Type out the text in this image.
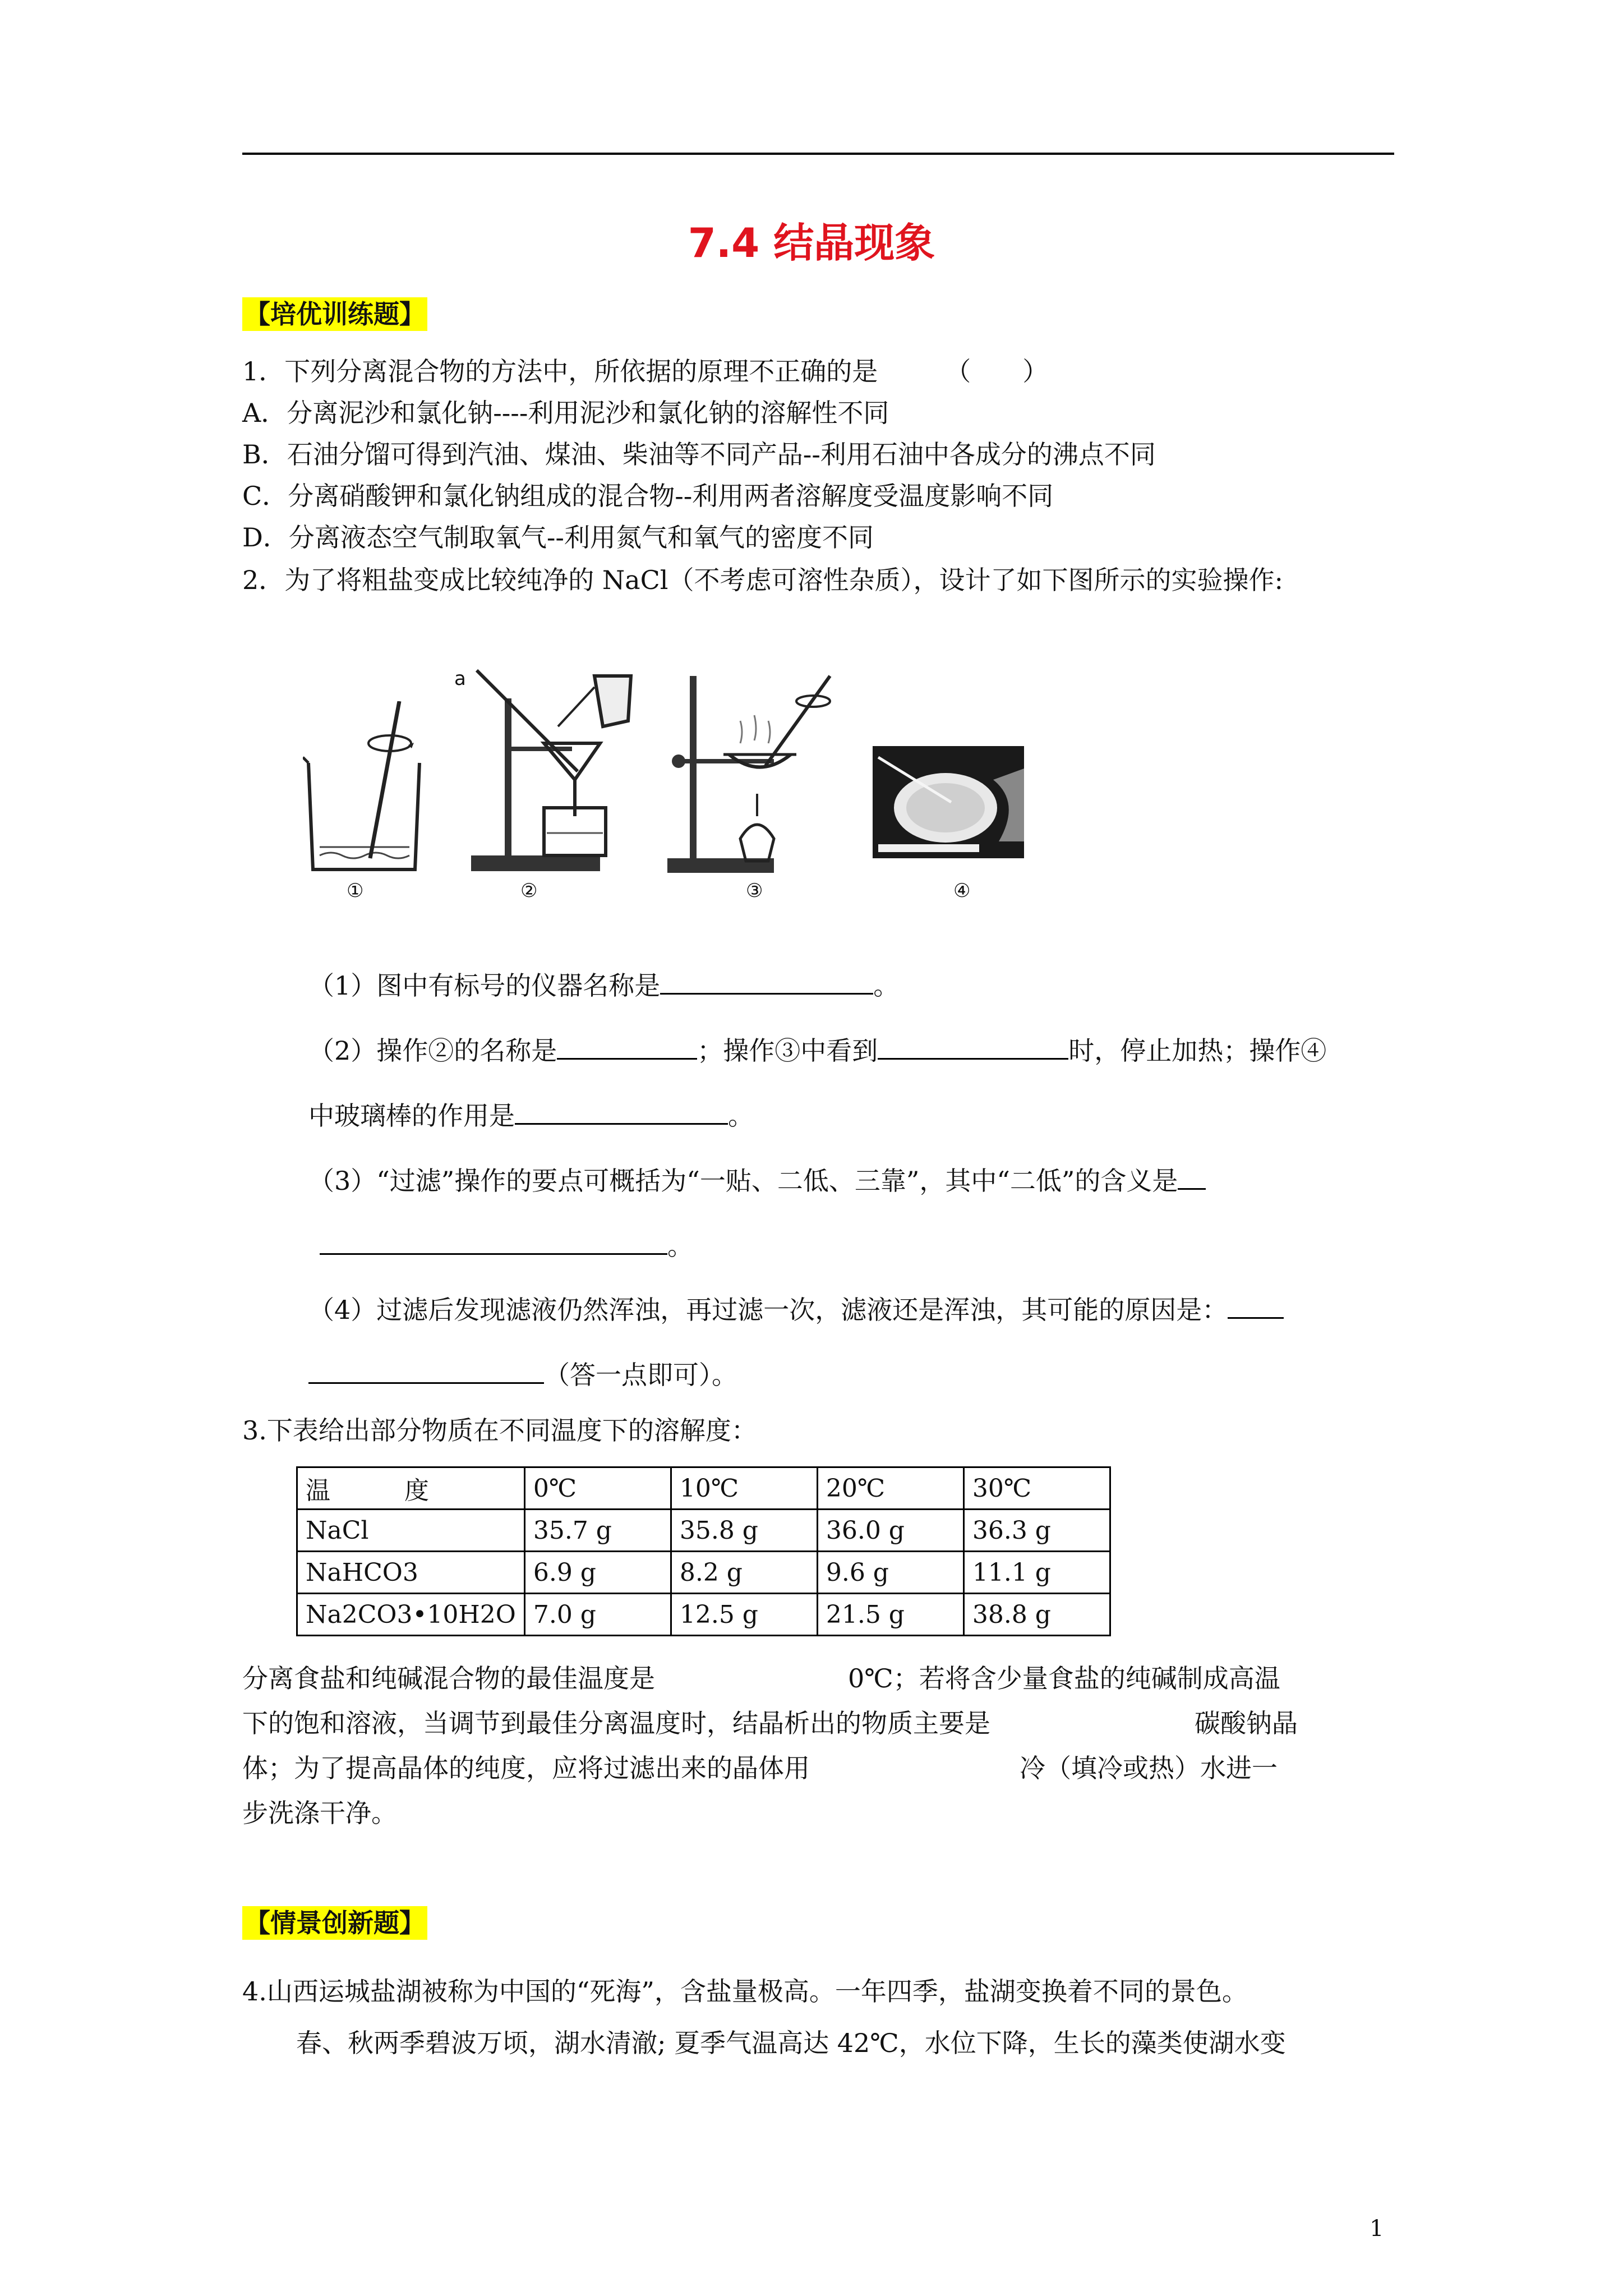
7.4 结晶现象
【培优训练题】
1．下列分离混合物的方法中，所依据的原理不正确的是	（　　）
A．分离泥沙和氯化钠----利用泥沙和氯化钠的溶解性不同
B．石油分馏可得到汽油、煤油、柴油等不同产品--利用石油中各成分的沸点不同
C．分离硝酸钾和氯化钠组成的混合物--利用两者溶解度受温度影响不同
D．分离液态空气制取氧气--利用氮气和氧气的密度不同
2．为了将粗盐变成比较纯净的 NaCl（不考虑可溶性杂质），设计了如下图所示的实验操作:
a
①	②	③	④
（1）图中有标号的仪器名称是	。
（2）操作②的名称是	；操作③中看到	时，停止加热；操作④
中玻璃棒的作用是	。
（3）“过滤”操作的要点可概括为“一贴、二低、三靠”，其中“二低”的含义是
。
（4）过滤后发现滤液仍然浑浊，再过滤一次，滤液还是浑浊，其可能的原因是：
（答一点即可）。
3.下表给出部分物质在不同温度下的溶解度：
温　　　度	0℃	10℃	20℃	30℃
NaCl	35.7 g	35.8 g	36.0 g	36.3 g
NaHCO3	6.9 g	8.2 g	9.6 g	11.1 g
Na2CO3•10H2O	7.0 g	12.5 g	21.5 g	38.8 g
分离食盐和纯碱混合物的最佳温度是	0℃；若将含少量食盐的纯碱制成高温
下的饱和溶液，当调节到最佳分离温度时，结晶析出的物质主要是	碳酸钠晶
体；为了提高晶体的纯度，应将过滤出来的晶体用	冷（填冷或热）水进一
步洗涤干净。
【情景创新题】
4.山西运城盐湖被称为中国的“死海”，含盐量极高。一年四季，盐湖变换着不同的景色。
春、秋两季碧波万顷，湖水清澈; 夏季气温高达 42℃，水位下降，生长的藻类使湖水变
1
